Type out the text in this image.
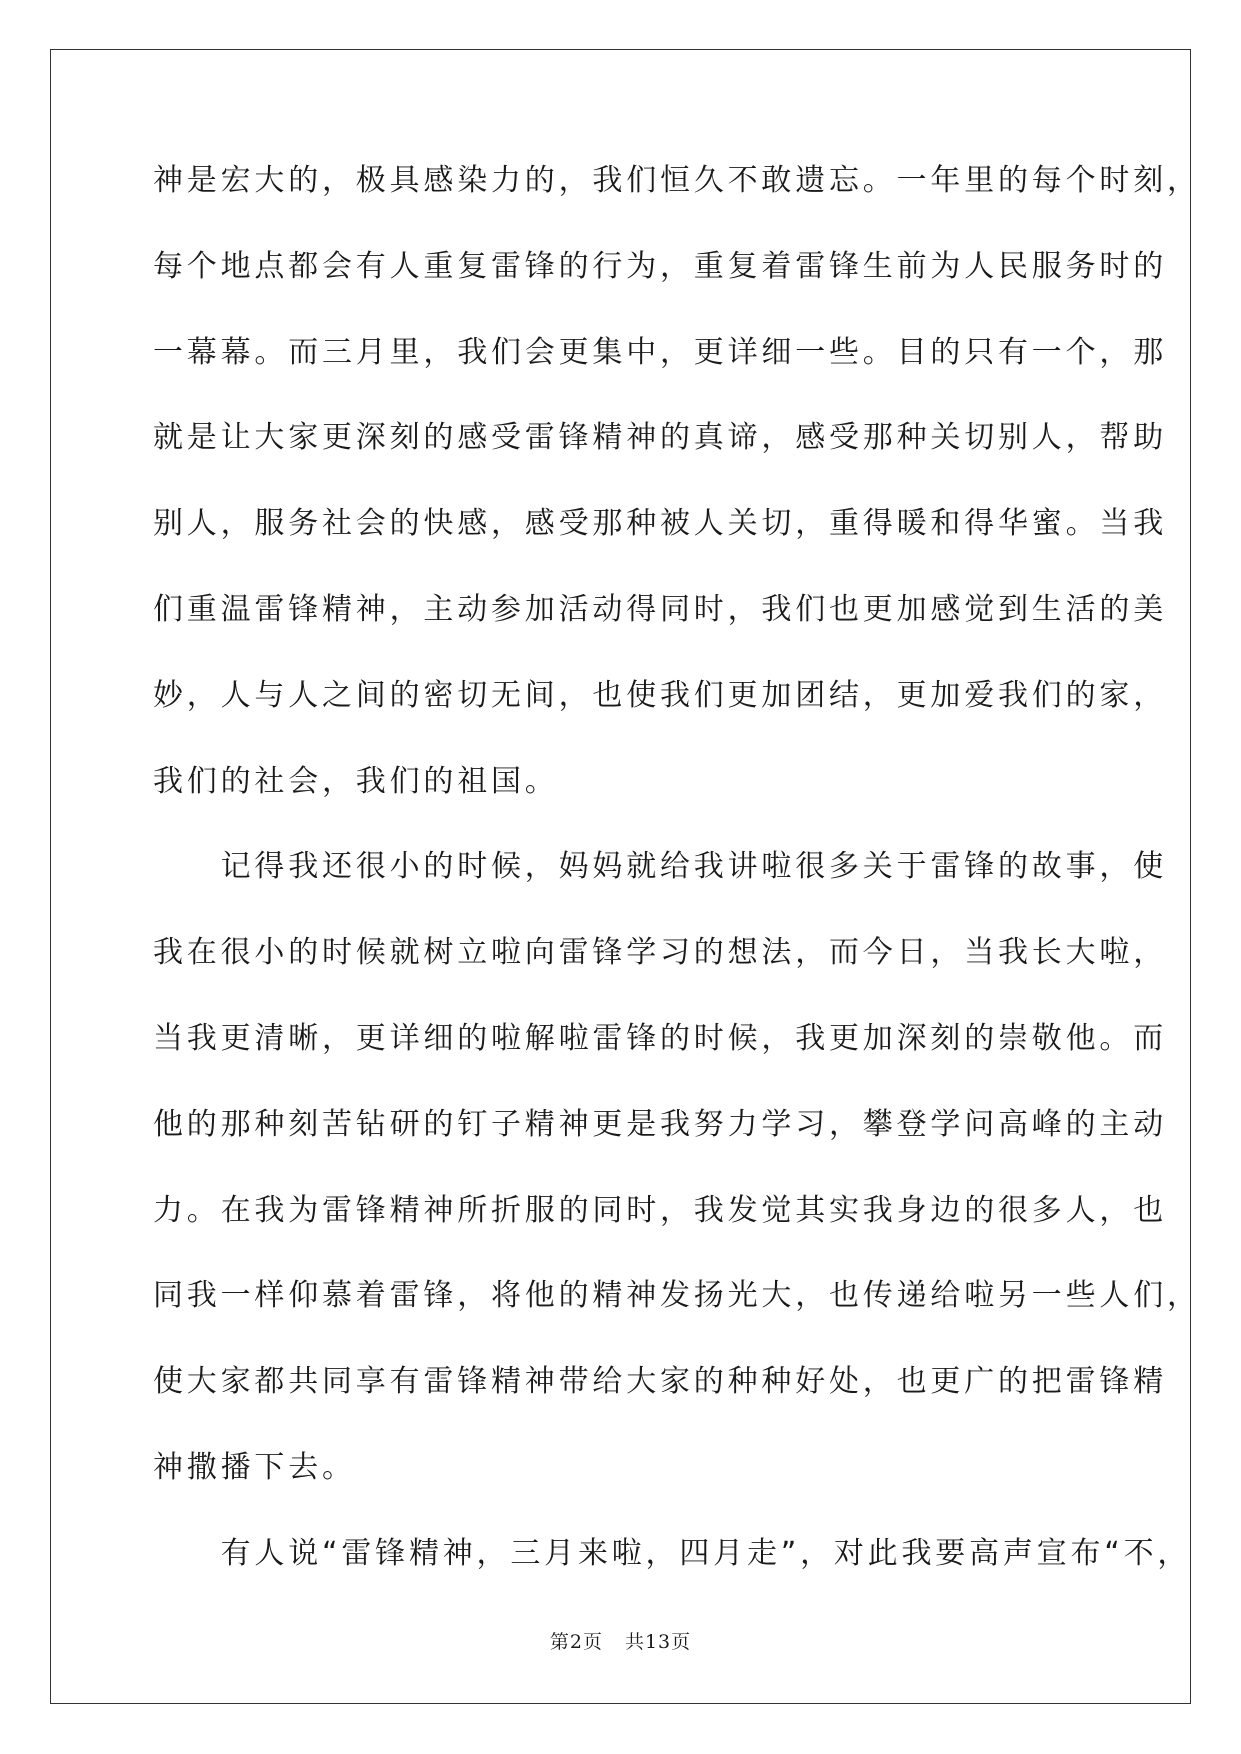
神是宏大的，极具感染力的，我们恒久不敢遗忘。一年里的每个时刻，
每个地点都会有人重复雷锋的行为，重复着雷锋生前为人民服务时的
一幕幕。而三月里，我们会更集中，更详细一些。目的只有一个，那
就是让大家更深刻的感受雷锋精神的真谛，感受那种关切别人，帮助
别人，服务社会的快感，感受那种被人关切，重得暖和得华蜜。当我
们重温雷锋精神，主动参加活动得同时，我们也更加感觉到生活的美
妙，人与人之间的密切无间，也使我们更加团结，更加爱我们的家，
我们的社会，我们的祖国。
　　记得我还很小的时候，妈妈就给我讲啦很多关于雷锋的故事，使
我在很小的时候就树立啦向雷锋学习的想法，而今日，当我长大啦，
当我更清晰，更详细的啦解啦雷锋的时候，我更加深刻的崇敬他。而
他的那种刻苦钻研的钉子精神更是我努力学习，攀登学问高峰的主动
力。在我为雷锋精神所折服的同时，我发觉其实我身边的很多人，也
同我一样仰慕着雷锋，将他的精神发扬光大，也传递给啦另一些人们，
使大家都共同享有雷锋精神带给大家的种种好处，也更广的把雷锋精
神撒播下去。
　　有人说“雷锋精神，三月来啦，四月走”，对此我要高声宣布“不，
第2页 共13页
